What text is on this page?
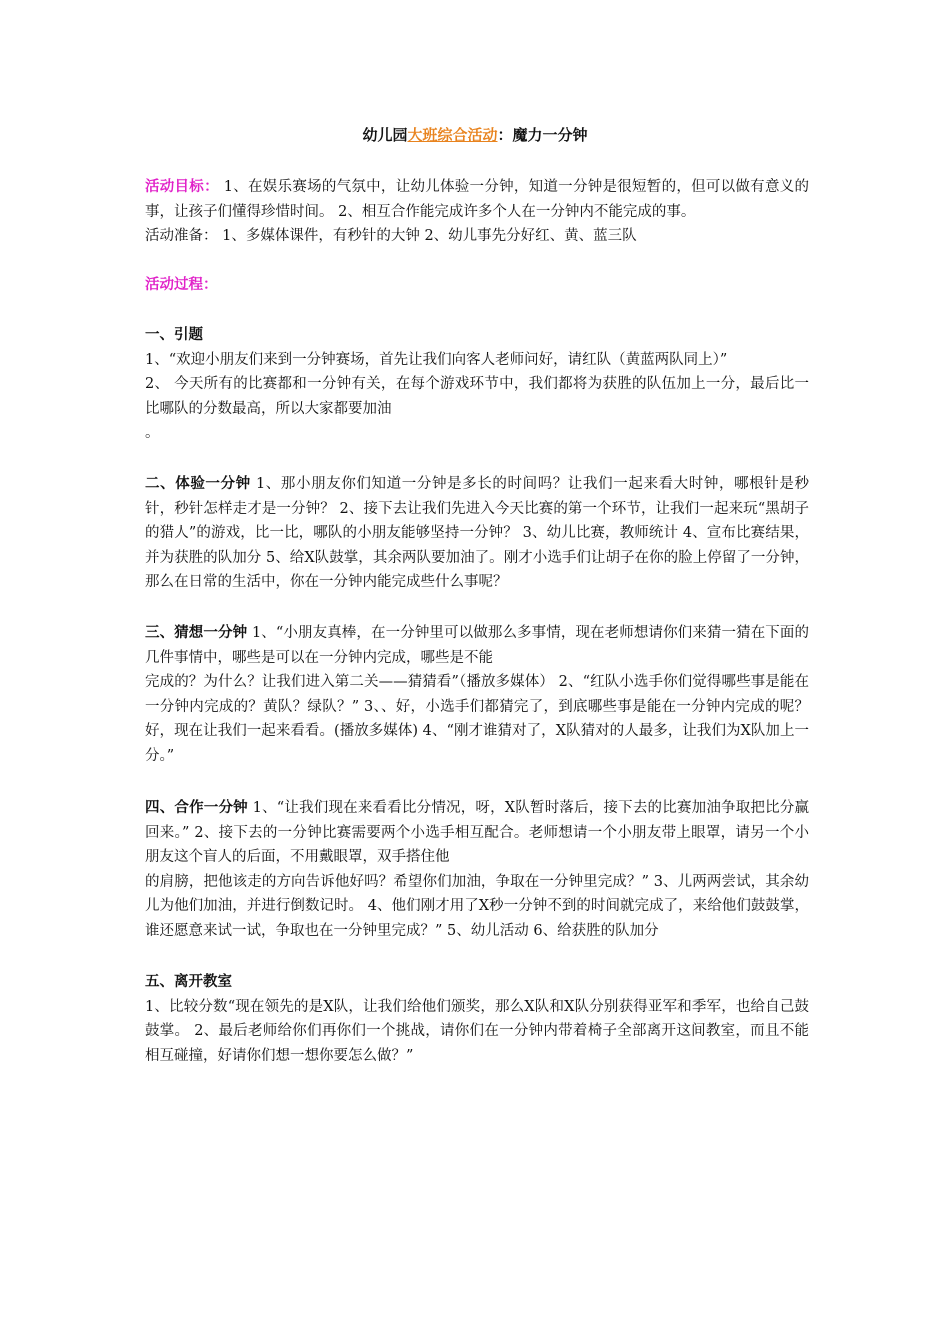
幼儿园大班综合活动：魔力一分钟

活动目标： 1、在娱乐赛场的气氛中，让幼儿体验一分钟，知道一分钟是很短暂的，但可以做有意义的事，让孩子们懂得珍惜时间。 2、相互合作能完成许多个人在一分钟内不能完成的事。

活动准备： 1、多媒体课件，有秒针的大钟 2、幼儿事先分好红、黄、蓝三队

活动过程：

一、引题

1、“欢迎小朋友们来到一分钟赛场，首先让我们向客人老师问好，请红队（黄蓝两队同上）”

2、 今天所有的比赛都和一分钟有关，在每个游戏环节中，我们都将为获胜的队伍加上一分，最后比一比哪队的分数最高，所以大家都要加油

。

二、体验一分钟 1、那小朋友你们知道一分钟是多长的时间吗？让我们一起来看大时钟，哪根针是秒针，秒针怎样走才是一分钟？ 2、接下去让我们先进入今天比赛的第一个环节，让我们一起来玩“黑胡子的猎人”的游戏，比一比，哪队的小朋友能够坚持一分钟？ 3、幼儿比赛，教师统计 4、宣布比赛结果，并为获胜的队加分 5、给X队鼓掌，其余两队要加油了。刚才小选手们让胡子在你的脸上停留了一分钟，那么在日常的生活中，你在一分钟内能完成些什么事呢？

三、猜想一分钟 1、“小朋友真棒，在一分钟里可以做那么多事情，现在老师想请你们来猜一猜在下面的几件事情中，哪些是可以在一分钟内完成，哪些是不能

完成的？为什么？让我们进入第二关——猜猜看”（播放多媒体） 2、“红队小选手你们觉得哪些事是能在一分钟内完成的？黄队？绿队？” 3、、好，小选手们都猜完了，到底哪些事是能在一分钟内完成的呢？好，现在让我们一起来看看。(播放多媒体) 4、“刚才谁猜对了，X队猜对的人最多，让我们为X队加上一分。”

四、合作一分钟 1、“让我们现在来看看比分情况，呀，X队暂时落后，接下去的比赛加油争取把比分赢回来。” 2、接下去的一分钟比赛需要两个小选手相互配合。老师想请一个小朋友带上眼罩，请另一个小朋友这个盲人的后面，不用戴眼罩，双手搭住他

的肩膀，把他该走的方向告诉他好吗？希望你们加油，争取在一分钟里完成？” 3、儿两两尝试，其余幼儿为他们加油，并进行倒数记时。 4、他们刚才用了X秒一分钟不到的时间就完成了，来给他们鼓鼓掌，谁还愿意来试一试，争取也在一分钟里完成？” 5、幼儿活动 6、给获胜的队加分

五、离开教室

1、比较分数“现在领先的是X队，让我们给他们颁奖，那么X队和X队分别获得亚军和季军，也给自己鼓鼓掌。 2、最后老师给你们再你们一个挑战，请你们在一分钟内带着椅子全部离开这间教室，而且不能相互碰撞，好请你们想一想你要怎么做？”
